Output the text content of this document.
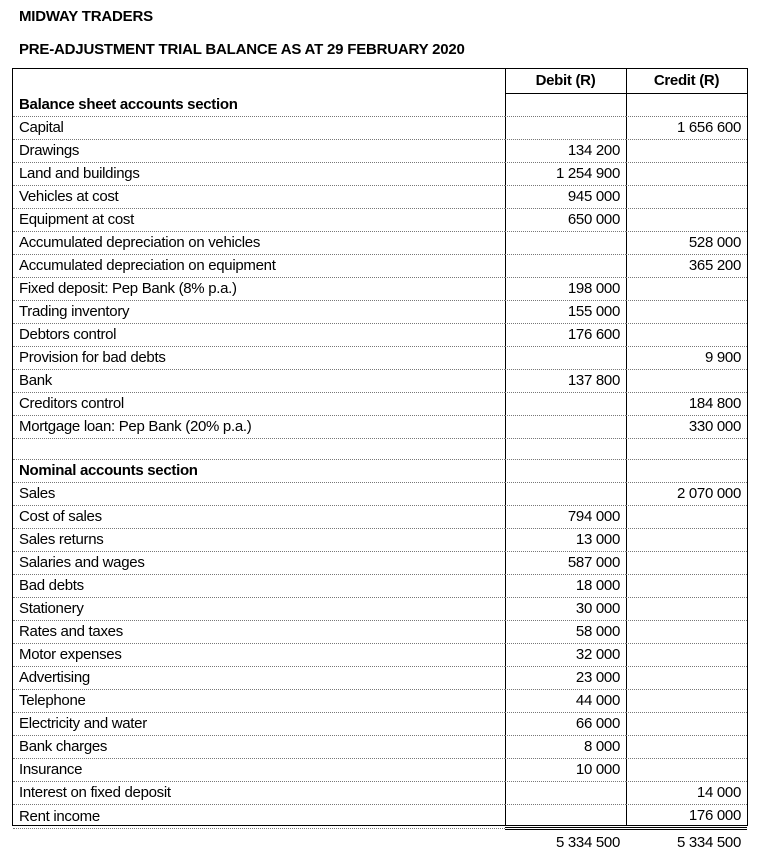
MIDWAY TRADERS
PRE-ADJUSTMENT TRIAL BALANCE AS AT 29 FEBRUARY 2020
	Debit (R)	Credit (R)
Balance sheet accounts section		
Capital		1 656 600
Drawings	134 200	
Land and buildings	1 254 900	
Vehicles at cost	945 000	
Equipment at cost	650 000	
Accumulated depreciation on vehicles		528 000
Accumulated depreciation on equipment		365 200
Fixed deposit: Pep Bank (8% p.a.)	198 000	
Trading inventory	155 000	
Debtors control	176 600	
Provision for bad debts		9 900
Bank	137 800	
Creditors control		184 800
Mortgage loan: Pep Bank (20% p.a.)		330 000

Nominal accounts section		
Sales		2 070 000
Cost of sales	794 000	
Sales returns	13 000	
Salaries and wages	587 000	
Bad debts	18 000	
Stationery	30 000	
Rates and taxes	58 000	
Motor expenses	32 000	
Advertising	23 000	
Telephone	44 000	
Electricity and water	66 000	
Bank charges	8 000	
Insurance	10 000	
Interest on fixed deposit		14 000
Rent income		176 000
	5 334 500	5 334 500
